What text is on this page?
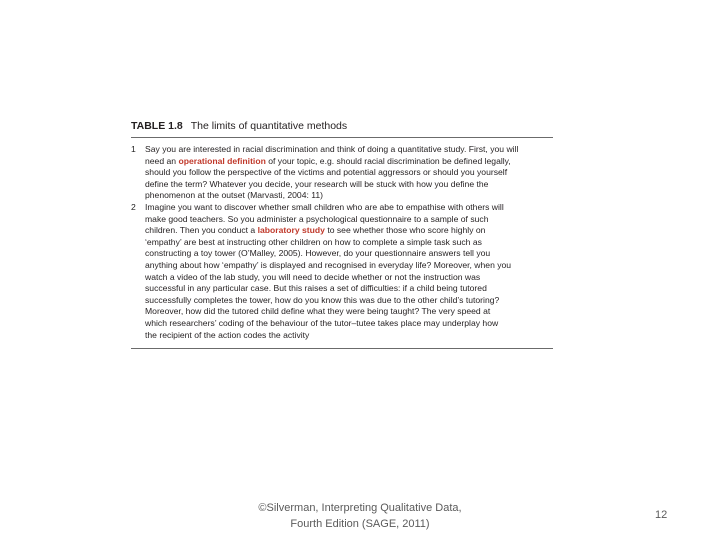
TABLE 1.8 The limits of quantitative methods
1 Say you are interested in racial discrimination and think of doing a quantitative study. First, you will
need an operational definition of your topic, e.g. should racial discrimination be defined legally,
should you follow the perspective of the victims and potential aggressors or should you yourself
define the term? Whatever you decide, your research will be stuck with how you define the
phenomenon at the outset (Marvasti, 2004: 11)
2 Imagine you want to discover whether small children who are abe to empathise with others will
make good teachers. So you administer a psychological questionnaire to a sample of such
children. Then you conduct a laboratory study to see whether those who score highly on
‘empathy’ are best at instructing other children on how to complete a simple task such as
constructing a toy tower (O’Malley, 2005). However, do your questionnaire answers tell you
anything about how ‘empathy’ is displayed and recognised in everyday life? Moreover, when you
watch a video of the lab study, you will need to decide whether or not the instruction was
successful in any particular case. But this raises a set of difficulties: if a child being tutored
successfully completes the tower, how do you know this was due to the other child’s tutoring?
Moreover, how did the tutored child define what they were being taught? The very speed at
which researchers’ coding of the behaviour of the tutor–tutee takes place may underplay how
the recipient of the action codes the activity
©Silverman, Interpreting Qualitative Data,
Fourth Edition (SAGE, 2011)
12
